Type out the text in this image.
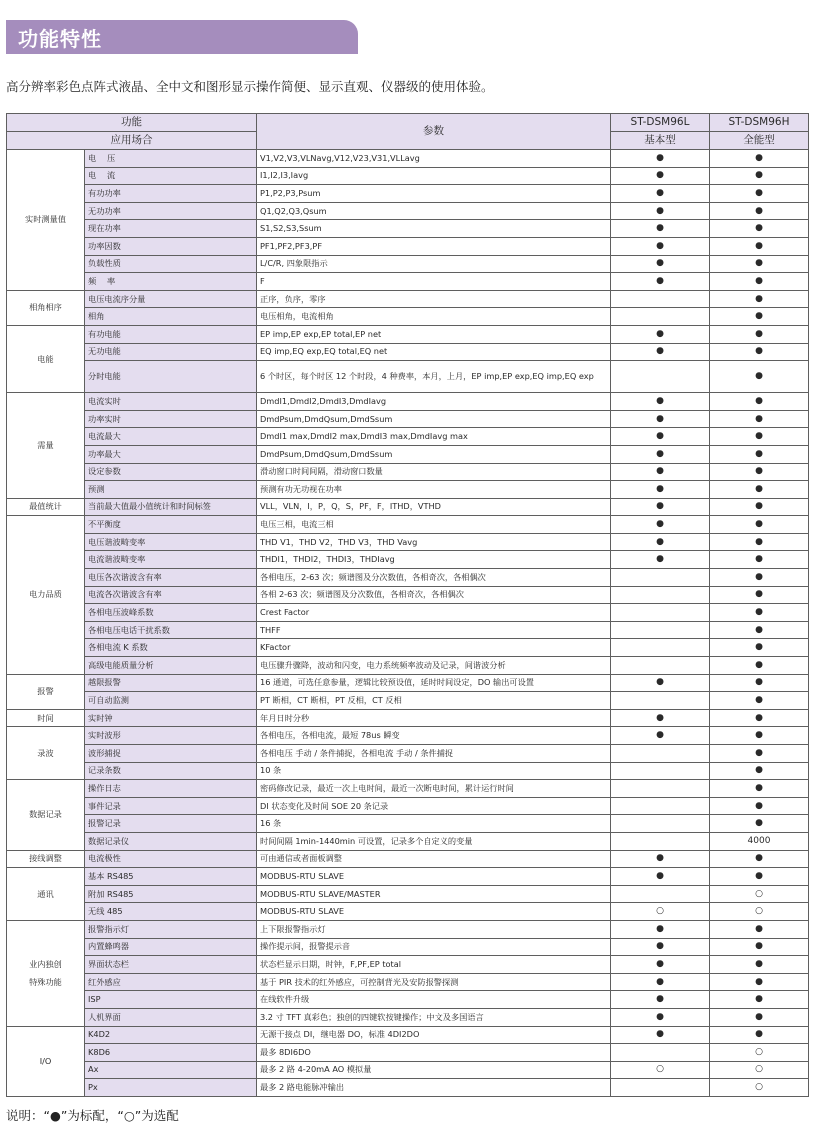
功能特性
高分辨率彩色点阵式液晶、全中文和图形显示操作简便、显示直观、仪器级的使用体验。
功能		参数	ST-DSM96L	ST-DSM96H
应用场合			基本型	全能型
实时测量值	电　 压	V1,V2,V3,VLNavg,V12,V23,V31,VLLavg	●	●
	电　 流	I1,I2,I3,Iavg	●	●
	有功功率	P1,P2,P3,Psum	●	●
	无功功率	Q1,Q2,Q3,Qsum	●	●
	现在功率	S1,S2,S3,Ssum	●	●
	功率因数	PF1,PF2,PF3,PF	●	●
	负载性质	L/C/R, 四象限指示	●	●
	频　 率	F	●	●
相角相序	电压电流序分量	正序，负序，零序		●
	相角	电压相角，电流相角		●
电能	有功电能	EP imp,EP exp,EP total,EP net	●	●
	无功电能	EQ imp,EQ exp,EQ total,EQ net	●	●
	分时电能	6 个时区，每个时区 12 个时段，4 种费率，本月，上月，EP imp,EP exp,EQ imp,EQ exp		●
需量	电流实时	DmdI1,DmdI2,DmdI3,DmdIavg	●	●
	功率实时	DmdPsum,DmdQsum,DmdSsum	●	●
	电流最大	DmdI1 max,DmdI2 max,DmdI3 max,DmdIavg max	●	●
	功率最大	DmdPsum,DmdQsum,DmdSsum	●	●
	设定参数	滑动窗口时间间隔，滑动窗口数量	●	●
	预测	预测有功无功视在功率	●	●
最值统计	当前最大值最小值统计和时间标签	VLL，VLN，I，P，Q，S，PF，F，ITHD，VTHD	●	●
电力品质	不平衡度	电压三相，电流三相	●	●
	电压谐波畸变率	THD V1，THD V2，THD V3，THD Vavg	●	●
	电流谐波畸变率	THDI1，THDI2，THDI3，THDIavg	●	●
	电压各次谐波含有率	各相电压，2-63 次；频谱图及分次数值，各相奇次，各相偶次		●
	电流各次谐波含有率	各相 2-63 次；频谱图及分次数值，各相奇次，各相偶次		●
	各相电压波峰系数	Crest Factor		●
	各相电压电话干扰系数	THFF		●
	各相电流 K 系数	KFactor		●
	高级电能质量分析	电压骤升骤降，波动和闪变，电力系统频率波动及记录，间谐波分析		●
报警	越限报警	16 通道，可选任意参量，逻辑比较预设值，延时时间设定，DO 输出可设置	●	●
	可自动监测	PT 断相，CT 断相，PT 反相，CT 反相		●
时间	实时钟	年月日时分秒	●	●
录波	实时波形	各相电压，各相电流，最短 78us 瞬变	●	●
	波形捕捉	各相电压 手动 / 条件捕捉，各相电流 手动 / 条件捕捉		●
	记录条数	10 条		●
数据记录	操作日志	密码修改记录，最近一次上电时间，最近一次断电时间，累计运行时间		●
	事件记录	DI 状态变化及时间 SOE 20 条记录		●
	报警记录	16 条		●
	数据记录仪	时间间隔 1min-1440min 可设置，记录多个自定义的变量		4000
接线调整	电流极性	可由通信或者面板调整	●	●
通讯	基本 RS485	MODBUS-RTU SLAVE	●	●
	附加 RS485	MODBUS-RTU SLAVE/MASTER		○
	无线 485	MODBUS-RTU SLAVE	○	○

业内独创
特殊功能	报警指示灯	上下限报警指示灯	●	●
	内置蜂鸣器	操作提示间，报警提示音	●	●
	界面状态栏	状态栏显示日期，时钟，F,PF,EP total	●	●
	红外感应	基于 PIR 技术的红外感应，可控制背光及安防报警探测	●	●
	ISP	在线软件升级	●	●
	人机界面	3.2 寸 TFT 真彩色；独创的四键软按键操作；中文及多国语言	●	●
I/O	K4D2	无源干接点 DI，继电器 DO，标准 4DI2DO	●	●
	K8D6	最多 8DI6DO		○
	Ax	最多 2 路 4-20mA AO 模拟量	○	○
	Px	最多 2 路电能脉冲输出		○
说明：“●”为标配，“○”为选配
